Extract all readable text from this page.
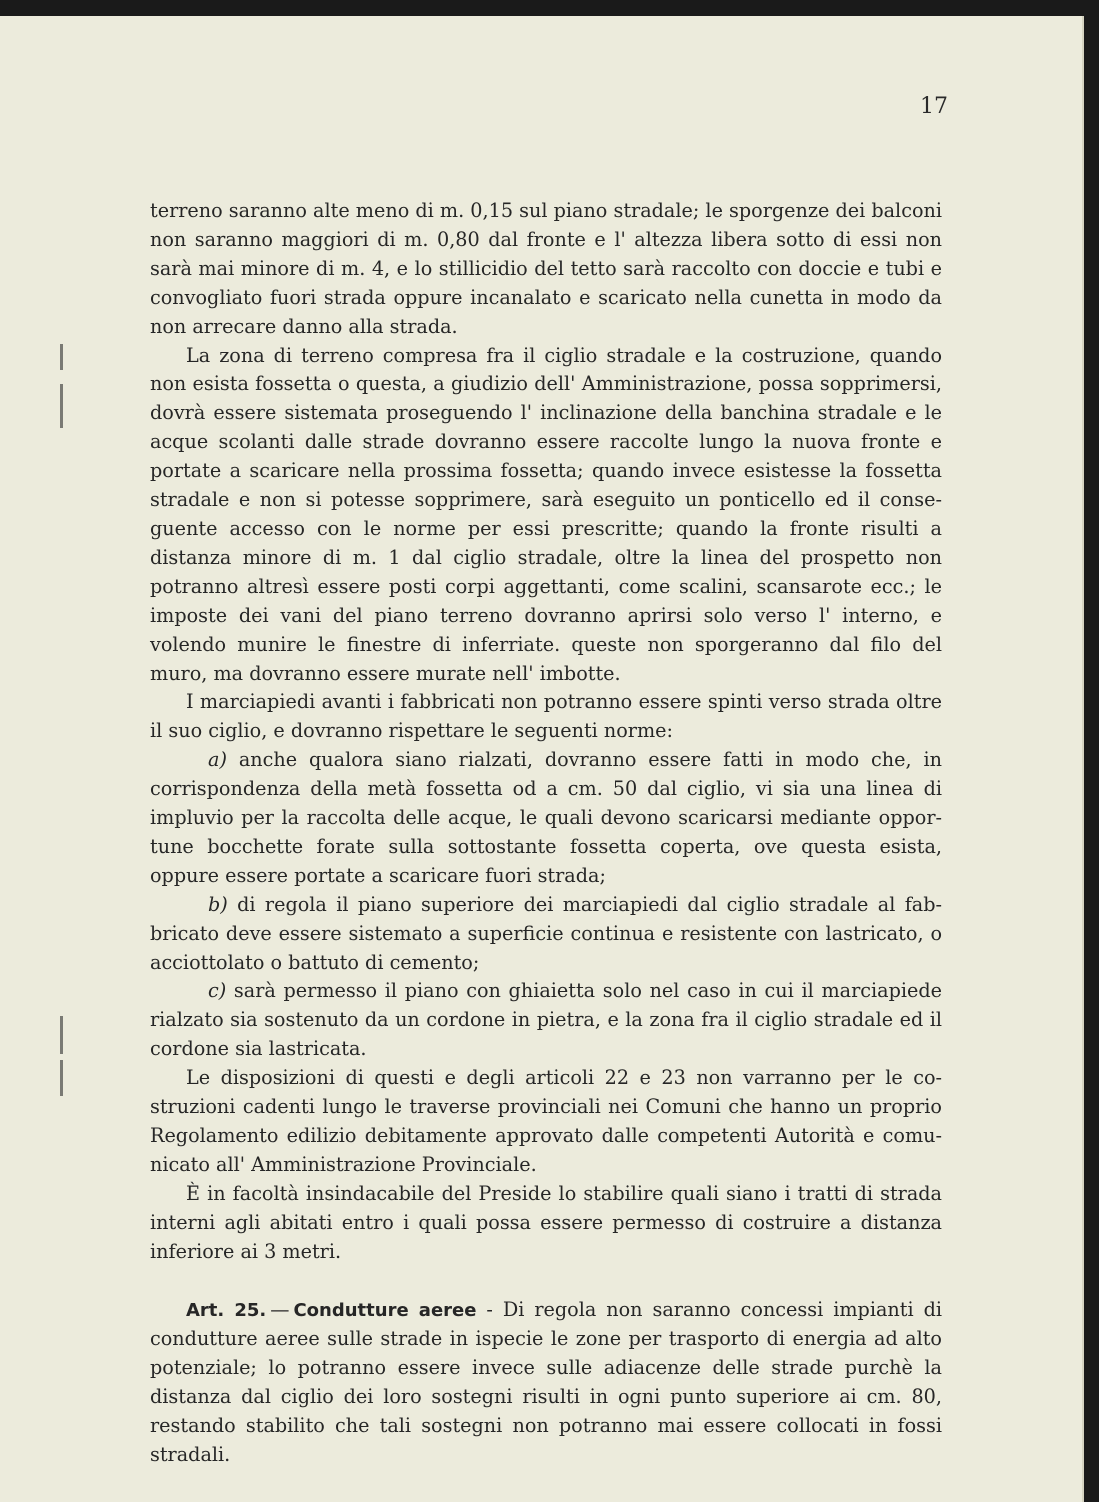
17

terreno saranno alte meno di m. 0,15 sul piano stradale; le sporgenze dei balconi non saranno maggiori di m. 0,80 dal fronte e l' altezza libera sotto di essi non sarà mai minore di m. 4, e lo stillicidio del tetto sarà raccolto con doccie e tubi e convogliato fuori strada oppure incanalato e scaricato nella cunetta in modo da non arrecare danno alla strada.

La zona di terreno compresa fra il ciglio stradale e la costruzione, quando non esista fossetta o questa, a giudizio dell' Amministrazione, possa sopprimersi, dovrà essere sistemata proseguendo l' inclinazione della banchina stradale e le acque scolanti dalle strade dovranno essere raccolte lungo la nuova fronte e portate a scaricare nella prossima fossetta; quando invece esistesse la fossetta stradale e non si potesse sopprimere, sarà eseguito un ponticello ed il conseguente accesso con le norme per essi prescritte; quando la fronte risulti a distanza minore di m. 1 dal ciglio stradale, oltre la linea del prospetto non potranno altresì essere posti corpi aggettanti, come scalini, scansarote ecc.; le imposte dei vani del piano terreno dovranno aprirsi solo verso l' interno, e volendo munire le finestre di inferriate. queste non sporgeranno dal filo del muro, ma dovranno essere murate nell' imbotte.

I marciapiedi avanti i fabbricati non potranno essere spinti verso strada oltre il suo ciglio, e dovranno rispettare le seguenti norme:

a) anche qualora siano rialzati, dovranno essere fatti in modo che, in corrispondenza della metà fossetta od a cm. 50 dal ciglio, vi sia una linea di impluvio per la raccolta delle acque, le quali devono scaricarsi mediante opportune bocchette forate sulla sottostante fossetta coperta, ove questa esista, oppure essere portate a scaricare fuori strada;

b) di regola il piano superiore dei marciapiedi dal ciglio stradale al fabbricato deve essere sistemato a superficie continua e resistente con lastricato, o acciottolato o battuto di cemento;

c) sarà permesso il piano con ghiaietta solo nel caso in cui il marciapiede rialzato sia sostenuto da un cordone in pietra, e la zona fra il ciglio stradale ed il cordone sia lastricata.

Le disposizioni di questi e degli articoli 22 e 23 non varranno per le costruzioni cadenti lungo le traverse provinciali nei Comuni che hanno un proprio Regolamento edilizio debitamente approvato dalle competenti Autorità e comunicato all' Amministrazione Provinciale.

È in facoltà insindacabile del Preside lo stabilire quali siano i tratti di strada interni agli abitati entro i quali possa essere permesso di costruire a distanza inferiore ai 3 metri.

Art. 25. — Condutture aeree - Di regola non saranno concessi impianti di condutture aeree sulle strade in ispecie le zone per trasporto di energia ad alto potenziale; lo potranno essere invece sulle adiacenze delle strade purchè la distanza dal ciglio dei loro sostegni risulti in ogni punto superiore ai cm. 80, restando stabilito che tali sostegni non potranno mai essere collocati in fossi stradali.
